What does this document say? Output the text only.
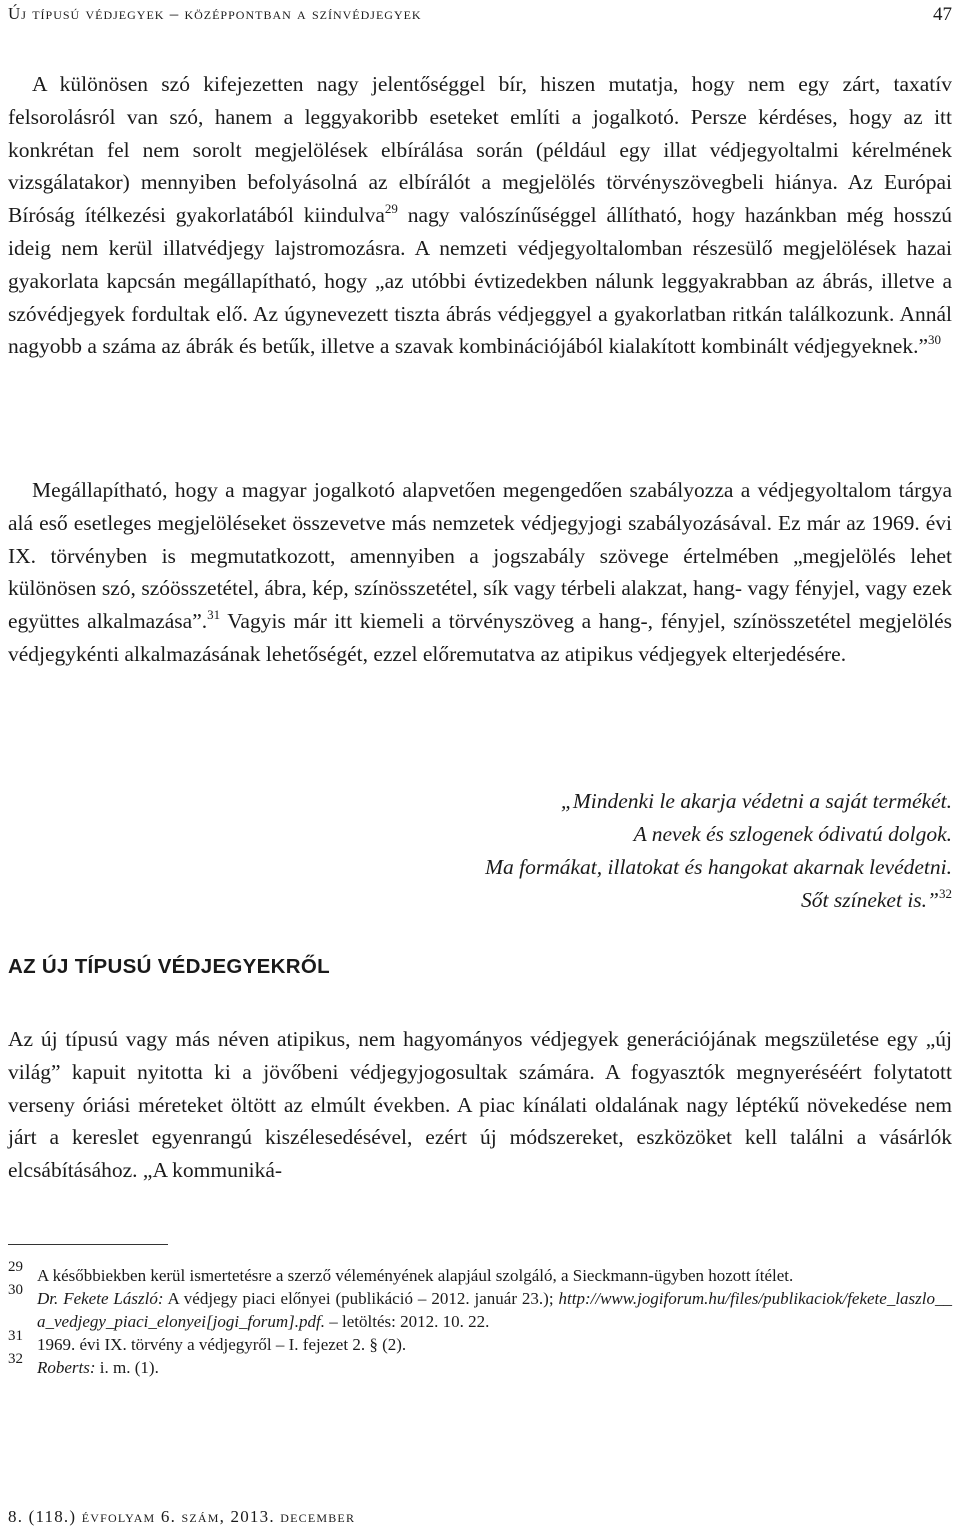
Új típusú védjegyek – középpontban a színvédjegyek	47

A különösen szó kifejezetten nagy jelentőséggel bír, hiszen mutatja, hogy nem egy zárt, taxatív felsorolásról van szó, hanem a leggyakoribb eseteket említi a jogalkotó. Persze kérdéses, hogy az itt konkrétan fel nem sorolt megjelölések elbírálása során (például egy illat védjegyoltalmi kérelmének vizsgálatakor) mennyiben befolyásolná az elbírálót a megjelölés törvényszövegbeli hiánya. Az Európai Bíróság ítélkezési gyakorlatából kiindulva$^{29}$ nagy valószínűséggel állítható, hogy hazánkban még hosszú ideig nem kerül illatvédjegy lajstromozásra. A nemzeti védjegyoltalomban részesülő megjelölések hazai gyakorlata kapcsán megállapítható, hogy „az utóbbi évtizedekben nálunk leggyakrabban az ábrás, illetve a szóvédjegyek fordultak elő. Az úgynevezett tiszta ábrás védjeggyel a gyakorlatban ritkán találkozunk. Annál nagyobb a száma az ábrák és betűk, illetve a szavak kombinációjából kialakított kombinált védjegyeknek.”$^{30}$

Megállapítható, hogy a magyar jogalkotó alapvetően megengedően szabályozza a védjegyoltalom tárgya alá eső esetleges megjelöléseket összevetve más nemzetek védjegyjogi szabályozásával. Ez már az 1969. évi IX. törvényben is megmutatkozott, amennyiben a jogszabály szövege értelmében „megjelölés lehet különösen szó, szóösszetétel, ábra, kép, színösszetétel, sík vagy térbeli alakzat, hang- vagy fényjel, vagy ezek együttes alkalmazása”.$^{31}$ Vagyis már itt kiemeli a törvényszöveg a hang-, fényjel, színösszetétel megjelölés védjegykénti alkalmazásának lehetőségét, ezzel előremutatva az atipikus védjegyek elterjedésére.

„Mindenki le akarja védetni a saját termékét.
A nevek és szlogenek ódivatú dolgok.
Ma formákat, illatokat és hangokat akarnak levédetni.
Sőt színeket is.”$^{32}$
AZ ÚJ TÍPUSÚ VÉDJEGYEKRŐL

Az új típusú vagy más néven atipikus, nem hagyományos védjegyek generációjának megszületése egy „új világ” kapuit nyitotta ki a jövőbeni védjegyjogosultak számára. A fogyasztók megnyeréséért folytatott verseny óriási méreteket öltött az elmúlt években. A piac kínálati oldalának nagy léptékű növekedése nem járt a kereslet egyenrangú kiszélesedésével, ezért új módszereket, eszközöket kell találni a vásárlók elcsábításához. „A kommuniká-

29 A későbbiekben kerül ismertetésre a szerző véleményének alapjául szolgáló, a Sieckmann-ügyben hozott ítélet.
30 Dr. Fekete László: A védjegy piaci előnyei (publikáció – 2012. január 23.); http://www.jogiforum.hu/files/publikaciok/fekete_laszlo__a_vedjegy_piaci_elonyei[jogi_forum].pdf. – letöltés: 2012. 10. 22.
31 1969. évi IX. törvény a védjegyről – I. fejezet 2. § (2).
32 Roberts: i. m. (1).
8. (118.) évfolyam 6. szám, 2013. december
